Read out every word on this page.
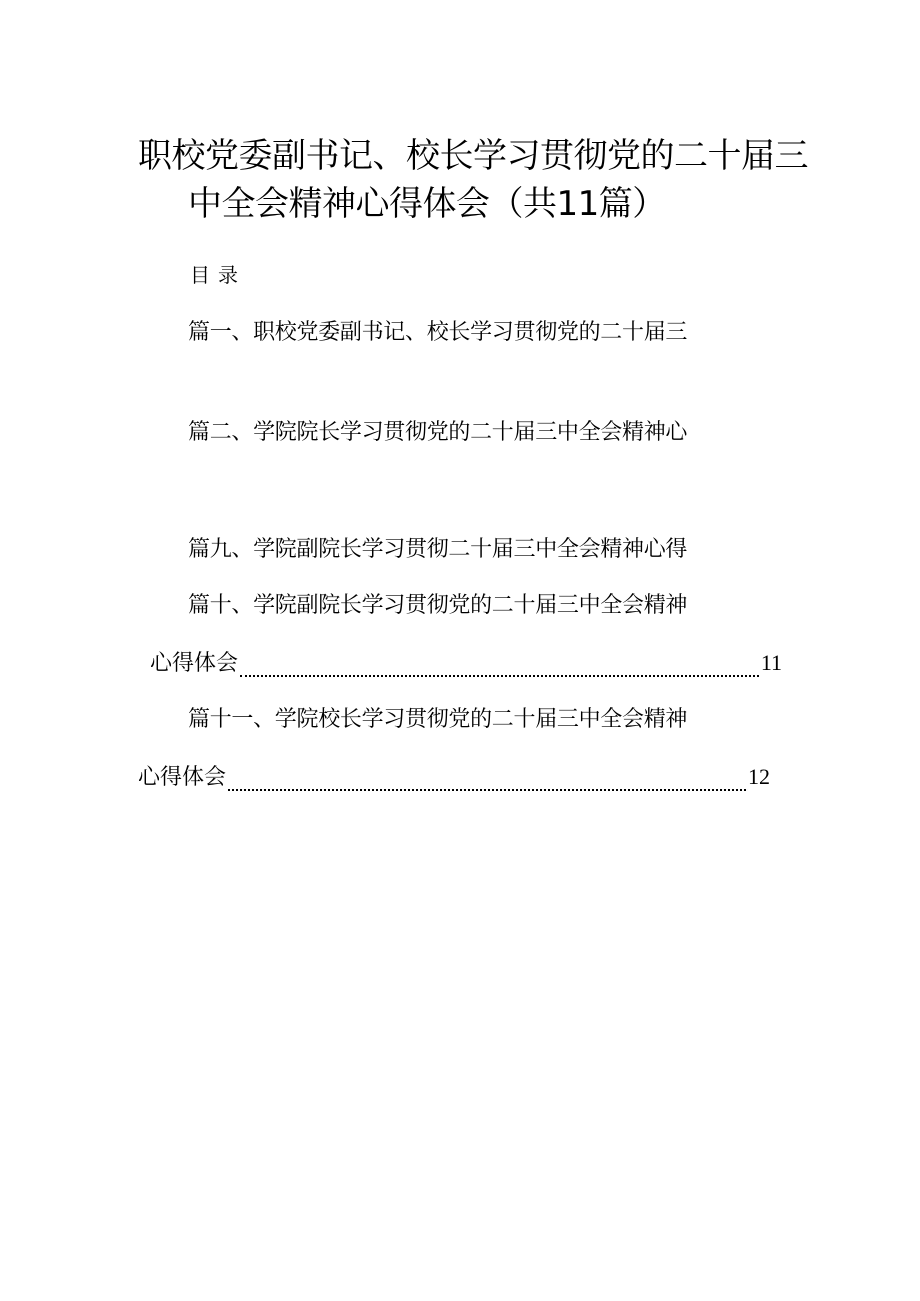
职校党委副书记、校长学习贯彻党的二十届三
中全会精神心得体会（共11篇）
目录
篇一、职校党委副书记、校长学习贯彻党的二十届三
篇二、学院院长学习贯彻党的二十届三中全会精神心
篇九、学院副院长学习贯彻二十届三中全会精神心得
篇十、学院副院长学习贯彻党的二十届三中全会精神
心得体会	11
篇十一、学院校长学习贯彻党的二十届三中全会精神
心得体会	12
